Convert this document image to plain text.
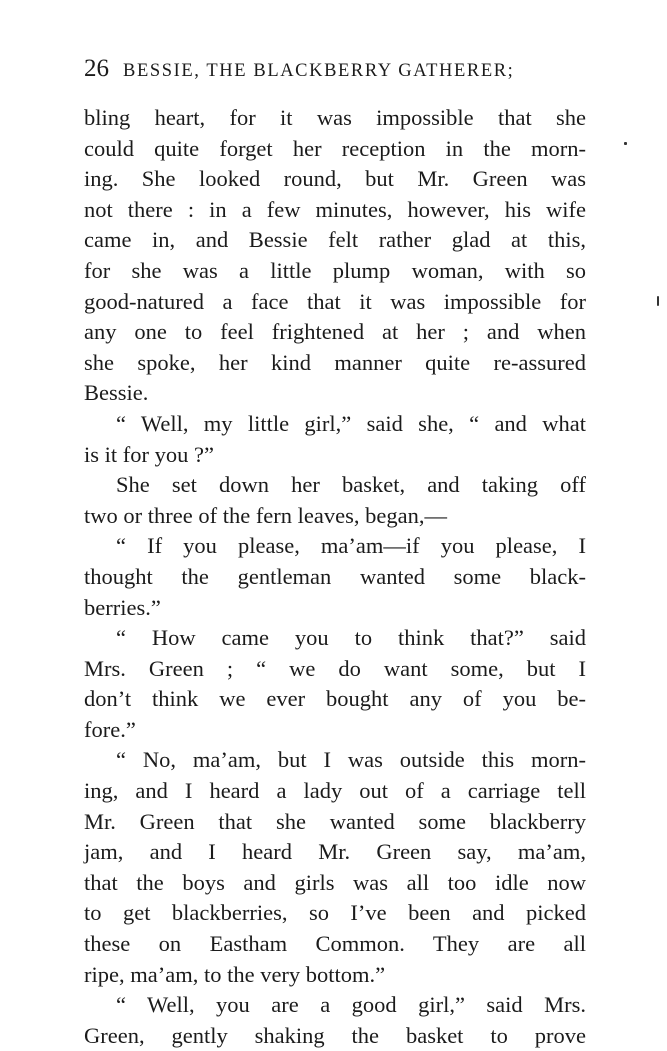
26 BESSIE, THE BLACKBERRY GATHERER;
bling heart, for it was impossible that she
could quite forget her reception in the morn-
ing. She looked round, but Mr. Green was
not there : in a few minutes, however, his wife
came in, and Bessie felt rather glad at this,
for she was a little plump woman, with so
good-natured a face that it was impossible for
any one to feel frightened at her ; and when
she spoke, her kind manner quite re-assured
Bessie.
“ Well, my little girl,” said she, “ and what
is it for you ?”
She set down her basket, and taking off
two or three of the fern leaves, began,—
“ If you please, ma’am—if you please, I
thought the gentleman wanted some black-
berries.”
“ How came you to think that?” said
Mrs. Green ; “ we do want some, but I
don’t think we ever bought any of you be-
fore.”
“ No, ma’am, but I was outside this morn-
ing, and I heard a lady out of a carriage tell
Mr. Green that she wanted some blackberry
jam, and I heard Mr. Green say, ma’am,
that the boys and girls was all too idle now
to get blackberries, so I’ve been and picked
these on Eastham Common. They are all
ripe, ma’am, to the very bottom.”
“ Well, you are a good girl,” said Mrs.
Green, gently shaking the basket to prove
